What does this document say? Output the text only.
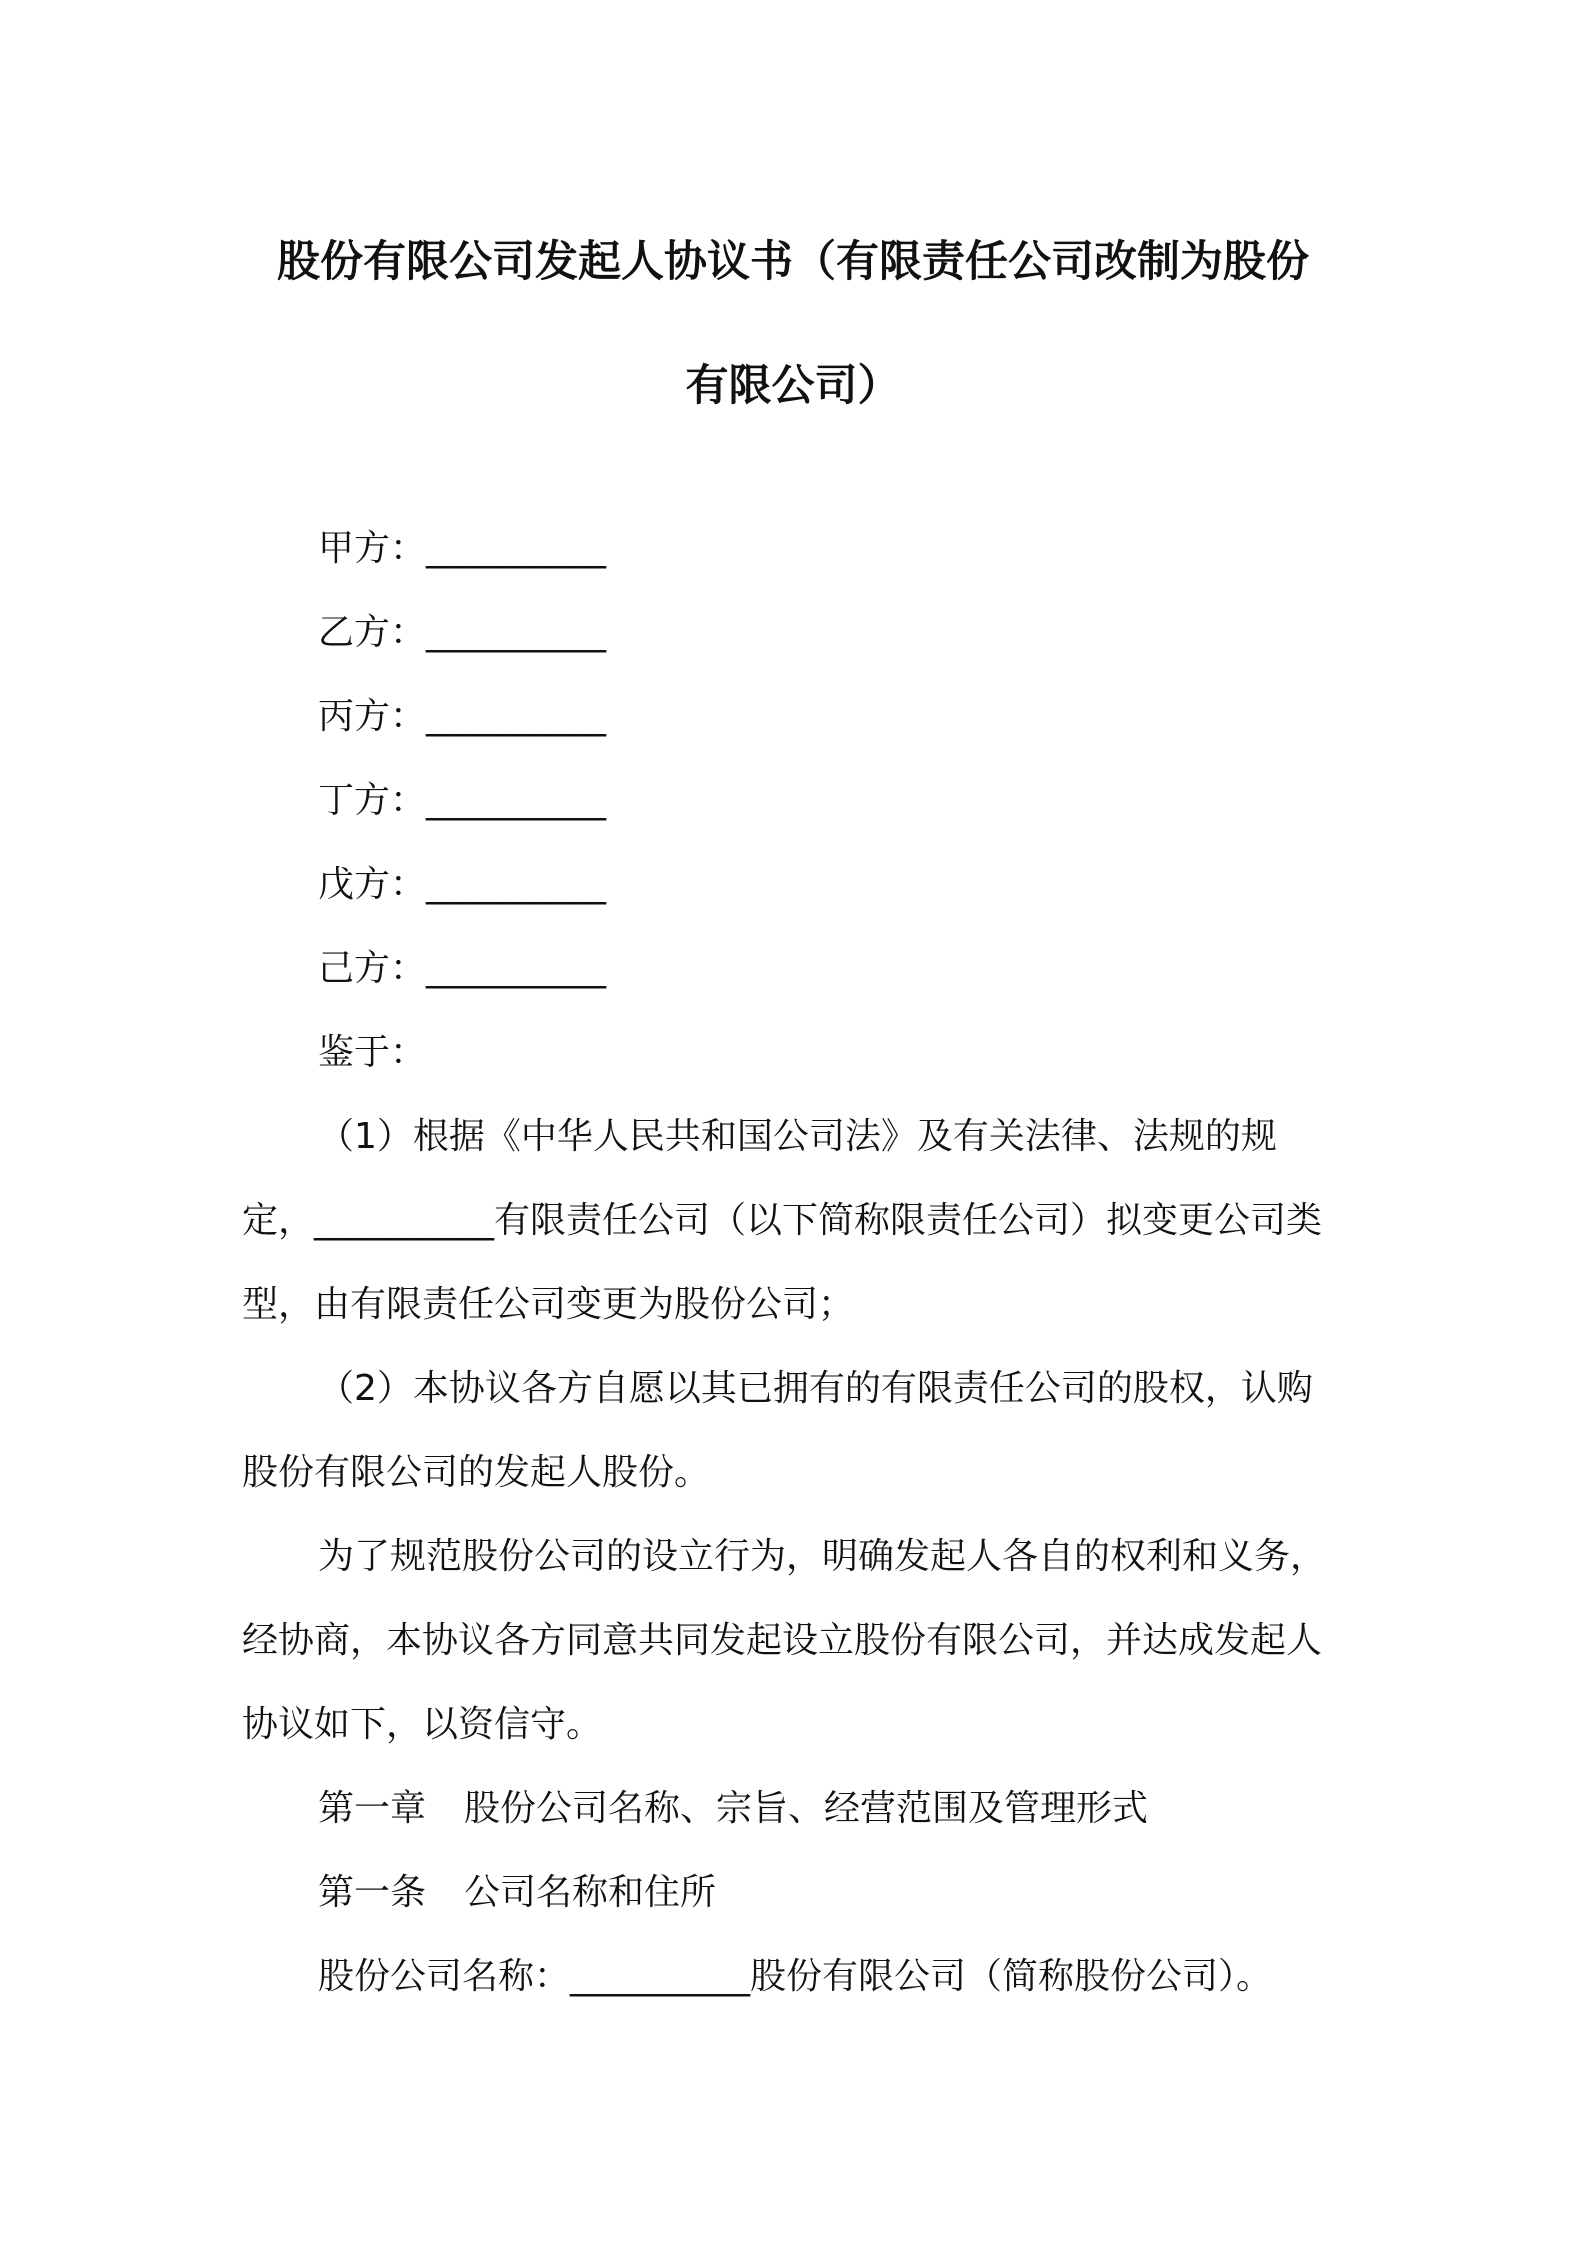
股份有限公司发起人协议书（有限责任公司改制为股份
有限公司）
甲方：__________
乙方：__________
丙方：__________
丁方：__________
戊方：__________
己方：__________
鉴于：
（1）根据《中华人民共和国公司法》及有关法律、法规的规
定，__________有限责任公司（以下简称限责任公司）拟变更公司类
型，由有限责任公司变更为股份公司；
（2）本协议各方自愿以其已拥有的有限责任公司的股权，认购
股份有限公司的发起人股份。
为了规范股份公司的设立行为，明确发起人各自的权利和义务，
经协商，本协议各方同意共同发起设立股份有限公司，并达成发起人
协议如下，以资信守。
第一章 股份公司名称、宗旨、经营范围及管理形式
第一条 公司名称和住所
股份公司名称：__________股份有限公司（简称股份公司）。
